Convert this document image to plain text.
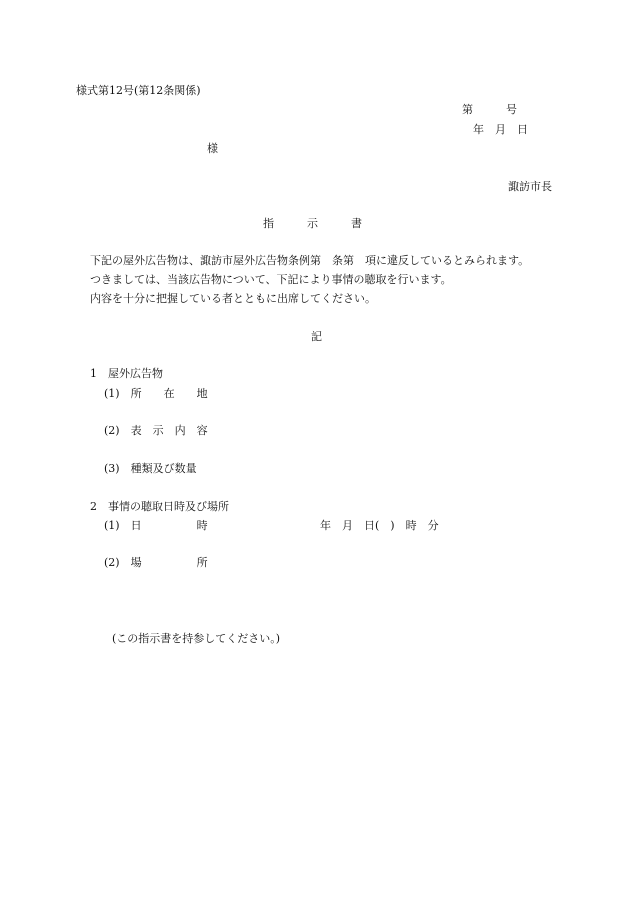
様式第12号(第12条関係)
第　　　号
年　月　日
様
諏訪市長
指　　　示　　　書
下記の屋外広告物は、諏訪市屋外広告物条例第　条第　項に違反しているとみられます。
つきましては、当該広告物について、下記により事情の聴取を行います。
内容を十分に把握している者とともに出席してください。
記
1　屋外広告物
(1)　所　　在　　地
(2)　表　示　内　容
(3)　種類及び数量
2　事情の聴取日時及び場所
(1)　日　　　　　時	年　月　日(　)　時　分
(2)　場　　　　　所
(この指示書を持参してください。)
